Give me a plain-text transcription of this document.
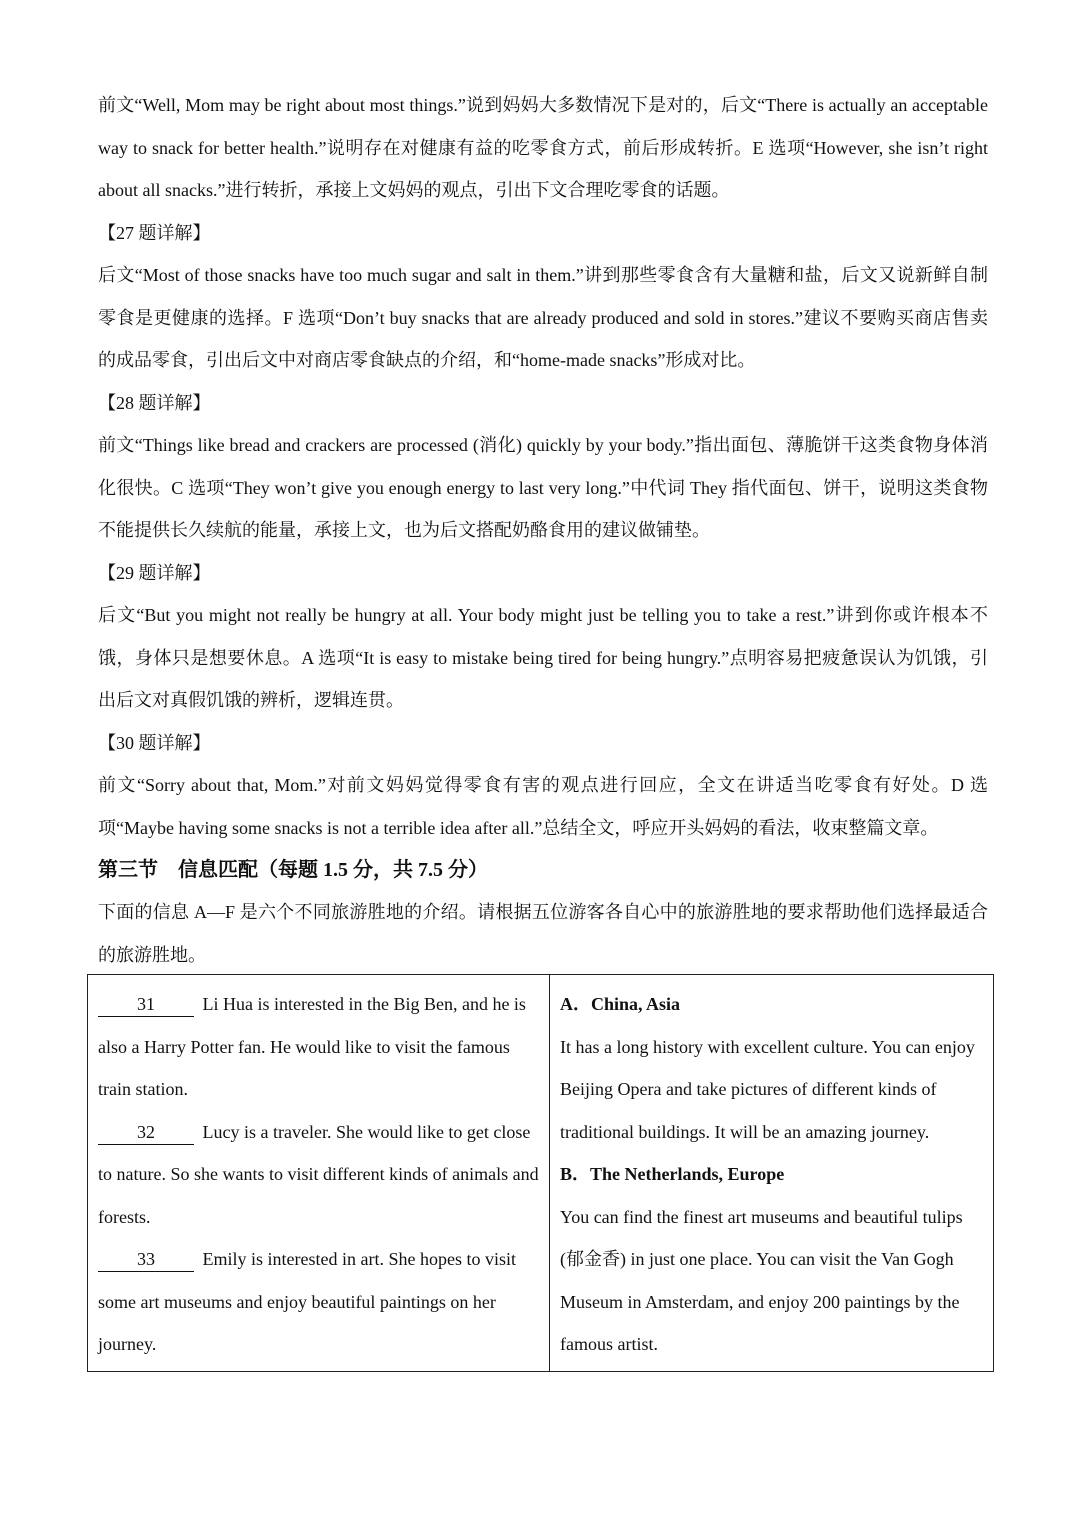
前文“Well, Mom may be right about most things.”说到妈妈大多数情况下是对的，后文“There is actually an acceptable way to snack for better health.”说明存在对健康有益的吃零食方式，前后形成转折。E 选项“However, she isn’t right about all snacks.”进行转折，承接上文妈妈的观点，引出下文合理吃零食的话题。

【27 题详解】

后文“Most of those snacks have too much sugar and salt in them.”讲到那些零食含有大量糖和盐，后文又说新鲜自制零食是更健康的选择。F 选项“Don’t buy snacks that are already produced and sold in stores.”建议不要购买商店售卖的成品零食，引出后文中对商店零食缺点的介绍，和“home-made snacks”形成对比。

【28 题详解】

前文“Things like bread and crackers are processed (消化) quickly by your body.”指出面包、薄脆饼干这类食物身体消化很快。C 选项“They won’t give you enough energy to last very long.”中代词 They 指代面包、饼干，说明这类食物不能提供长久续航的能量，承接上文，也为后文搭配奶酪食用的建议做铺垫。

【29 题详解】

后文“But you might not really be hungry at all. Your body might just be telling you to take a rest.”讲到你或许根本不饿，身体只是想要休息。A 选项“It is easy to mistake being tired for being hungry.”点明容易把疲惫误认为饥饿，引出后文对真假饥饿的辨析，逻辑连贯。

【30 题详解】

前文“Sorry about that, Mom.”对前文妈妈觉得零食有害的观点进行回应，全文在讲适当吃零食有好处。D 选项“Maybe having some snacks is not a terrible idea after all.”总结全文，呼应开头妈妈的看法，收束整篇文章。

第三节　信息匹配（每题 1.5 分，共 7.5 分）

下面的信息 A—F 是六个不同旅游胜地的介绍。请根据五位游客各自心中的旅游胜地的要求帮助他们选择最适合的旅游胜地。

31	Li Hua is interested in the Big Ben, and he is also a Harry Potter fan. He would like to visit the famous train station.
32	Lucy is a traveler. She would like to get close to nature. So she wants to visit different kinds of animals and forests.
33	Emily is interested in art. She hopes to visit some art museums and enjoy beautiful paintings on her journey.

A．China, Asia
It has a long history with excellent culture. You can enjoy Beijing Opera and take pictures of different kinds of traditional buildings. It will be an amazing journey.
B．The Netherlands, Europe
You can find the finest art museums and beautiful tulips (郁金香) in just one place. You can visit the Van Gogh Museum in Amsterdam, and enjoy 200 paintings by the famous artist.
